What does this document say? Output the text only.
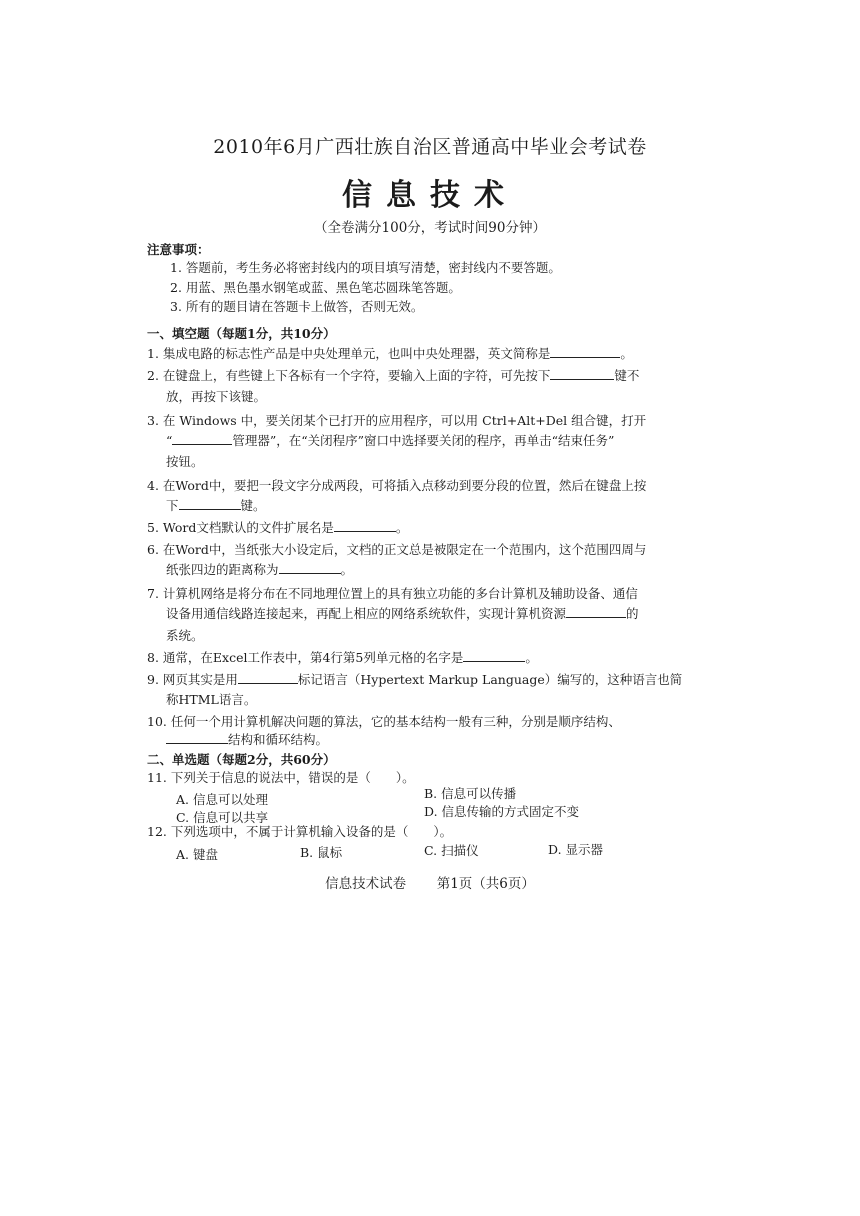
2010年6月广西壮族自治区普通高中毕业会考试卷
信息技术
（全卷满分100分，考试时间90分钟）
注意事项：
1. 答题前，考生务必将密封线内的项目填写清楚，密封线内不要答题。
2. 用蓝、黑色墨水钢笔或蓝、黑色笔芯圆珠笔答题。
3. 所有的题目请在答题卡上做答，否则无效。
一、填空题（每题1分，共10分）
1. 集成电路的标志性产品是中央处理单元，也叫中央处理器，英文简称是	。
2. 在键盘上，有些键上下各标有一个字符，要输入上面的字符，可先按下	键不
放，再按下该键。
3. 在 Windows 中，要关闭某个已打开的应用程序，可以用 Ctrl+Alt+Del 组合键，打开
“	管理器”，在“关闭程序”窗口中选择要关闭的程序，再单击“结束任务”
按钮。
4. 在Word中，要把一段文字分成两段，可将插入点移动到要分段的位置，然后在键盘上按
下	键。
5. Word文档默认的文件扩展名是	。
6. 在Word中，当纸张大小设定后，文档的正文总是被限定在一个范围内，这个范围四周与
纸张四边的距离称为	。
7. 计算机网络是将分布在不同地理位置上的具有独立功能的多台计算机及辅助设备、通信
设备用通信线路连接起来，再配上相应的网络系统软件，实现计算机资源	的
系统。
8. 通常，在Excel工作表中，第4行第5列单元格的名字是	。
9. 网页其实是用	标记语言（Hypertext Markup Language）编写的，这种语言也简
称HTML语言。
10. 任何一个用计算机解决问题的算法，它的基本结构一般有三种，分别是顺序结构、
结构和循环结构。
二、单选题（每题2分，共60分）
11. 下列关于信息的说法中，错误的是（　　）。
A. 信息可以处理	B. 信息可以传播
C. 信息可以共享	D. 信息传输的方式固定不变
12. 下列选项中，不属于计算机输入设备的是（　　）。
A. 键盘	B. 鼠标	C. 扫描仪	D. 显示器
信息技术试卷 第1页（共6页）
